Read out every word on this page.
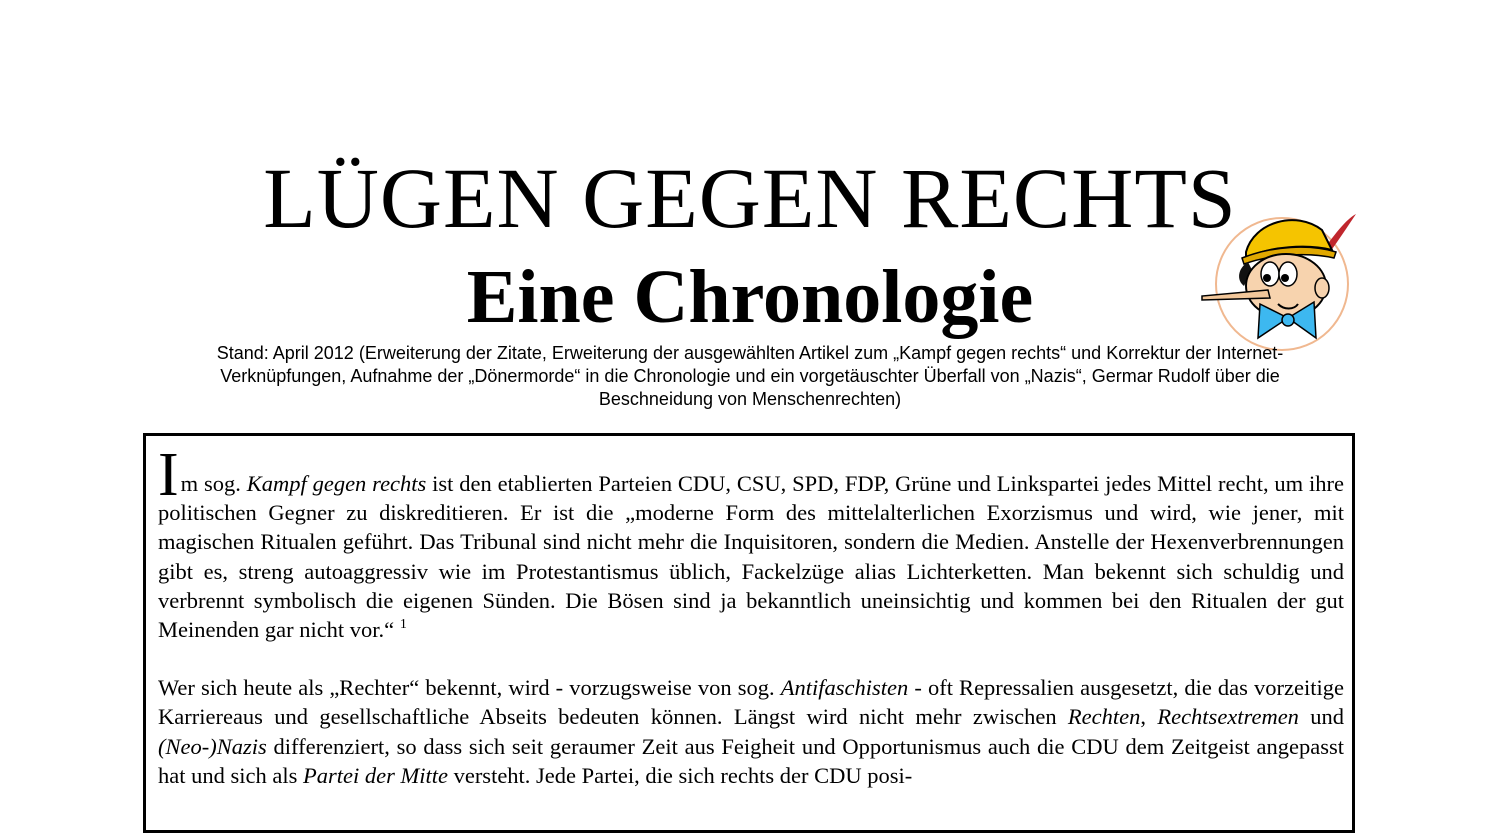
LÜGEN GEGEN RECHTS
Eine Chronologie
Stand: April 2012 (Erweiterung der Zitate, Erweiterung der ausgewählten Artikel zum „Kampf gegen rechts“ und Korrektur der Internet-
Verknüpfungen, Aufnahme der „Dönermorde“ in die Chronologie und ein vorgetäuschter Überfall von „Nazis“, Germar Rudolf über die
Beschneidung von Menschenrechten)

Im sog. Kampf gegen rechts ist den etablierten Parteien CDU, CSU, SPD, FDP, Grüne und Linkspartei jedes Mittel recht, um ihre politischen Gegner zu diskreditieren. Er ist die „moderne Form des mittelalterlichen Exorzismus und wird, wie jener, mit magischen Ritualen geführt. Das Tribunal sind nicht mehr die Inquisitoren, sondern die Medien. Anstelle der Hexenverbrennungen gibt es, streng autoaggressiv wie im Protestantismus üblich, Fackelzüge alias Lichterketten. Man bekennt sich schuldig und verbrennt symbolisch die eigenen Sünden. Die Bösen sind ja bekanntlich uneinsichtig und kommen bei den Ritualen der gut Meinenden gar nicht vor.“ $^1$

Wer sich heute als „Rechter“ bekennt, wird - vorzugsweise von sog. Antifaschisten - oft Repressalien ausgesetzt, die das vorzeitige Karriereaus und gesellschaftliche Abseits bedeuten können. Längst wird nicht mehr zwischen Rechten, Rechtsextremen und (Neo-)Nazis differenziert, so dass sich seit geraumer Zeit aus Feigheit und Opportunismus auch die CDU dem Zeitgeist angepasst hat und sich als Partei der Mitte versteht. Jede Partei, die sich rechts der CDU posi-
